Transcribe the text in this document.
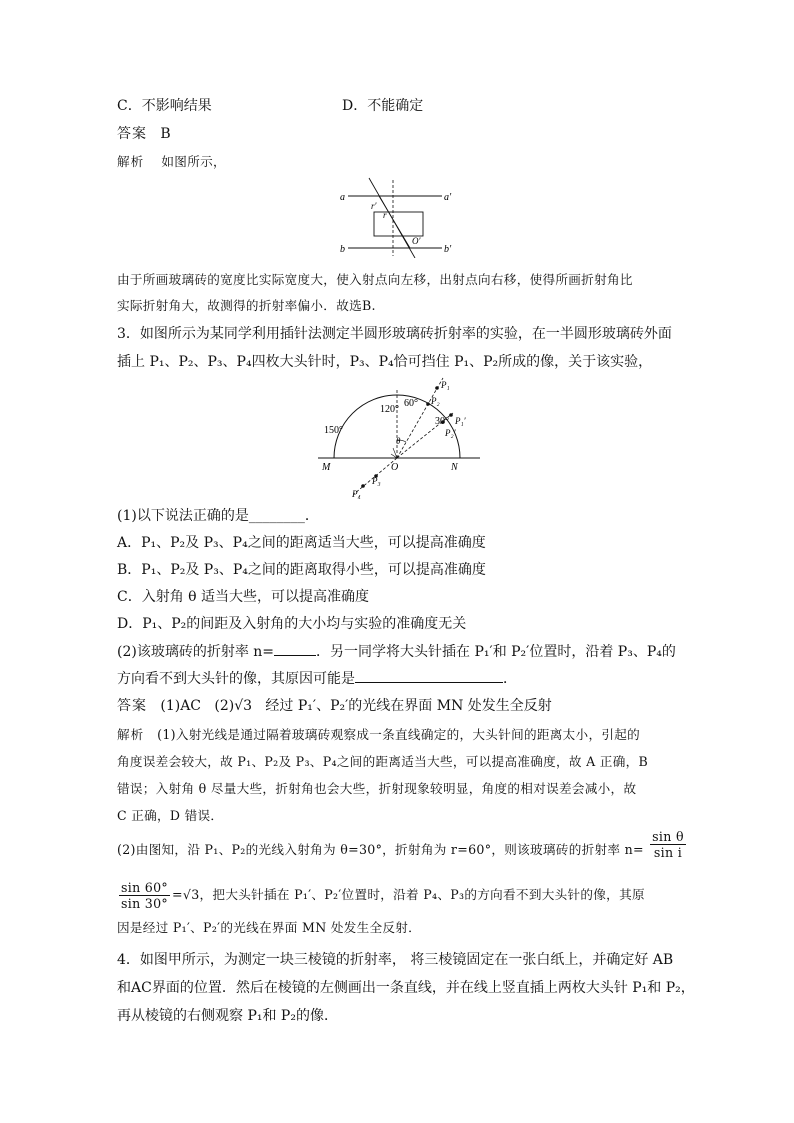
C．不影响结果	D．不能确定
答案 B
解析 如图所示，
a	a′
b	b′
r′
r
O′
由于所画玻璃砖的宽度比实际宽度大，使入射点向左移，出射点向右移，使得所画折射角比
实际折射角大，故测得的折射率偏小．故选B.
3．如图所示为某同学利用插针法测定半圆形玻璃砖折射率的实验，在一半圆形玻璃砖外面
插上 P₁、P₂、P₃、P₄四枚大头针时，P₃、P₄恰可挡住 P₁、P₂所成的像，关于该实验，
120°
150°
60°
30°
M	N
O
θ
P₁
P₂
P₁′
P₂′
P₃
P₄
(1)以下说法正确的是________．
A．P₁、P₂及 P₃、P₄之间的距离适当大些，可以提高准确度
B．P₁、P₂及 P₃、P₄之间的距离取得小些，可以提高准确度
C．入射角 θ 适当大些，可以提高准确度
D．P₁、P₂的间距及入射角的大小均与实验的准确度无关
(2)该玻璃砖的折射率 n=	．另一同学将大头针插在 P₁′和 P₂′位置时，沿着 P₃、P₄的
方向看不到大头针的像，其原因可能是	．
答案 (1)AC (2)√3 经过 P₁′、P₂′的光线在界面 MN 处发生全反射
解析 (1)入射光线是通过隔着玻璃砖观察成一条直线确定的，大头针间的距离太小，引起的
角度误差会较大，故 P₁、P₂及 P₃、P₄之间的距离适当大些，可以提高准确度，故 A 正确，B
错误；入射角 θ 尽量大些，折射角也会大些，折射现象较明显，角度的相对误差会减小，故
C 正确，D 错误．
(2)由图知，沿 P₁、P₂的光线入射角为 θ=30°，折射角为 r=60°，则该玻璃砖的折射率 $n= \frac{\text{sin θ}}{\text{sin i}}$
$\frac{\sin 60^\circ}{\sin 30^\circ} =√3$，把大头针插在 P₁′、P₂′位置时，沿着 P₄、P₃的方向看不到大头针的像，其原
因是经过 P₁′、P₂′的光线在界面 MN 处发生全反射．
4．如图甲所示，为测定一块三棱镜的折射率， 将三棱镜固定在一张白纸上，并确定好 AB
和AC界面的位置．然后在棱镜的左侧画出一条直线，并在线上竖直插上两枚大头针 P₁和 P₂，
再从棱镜的右侧观察 P₁和 P₂的像．
